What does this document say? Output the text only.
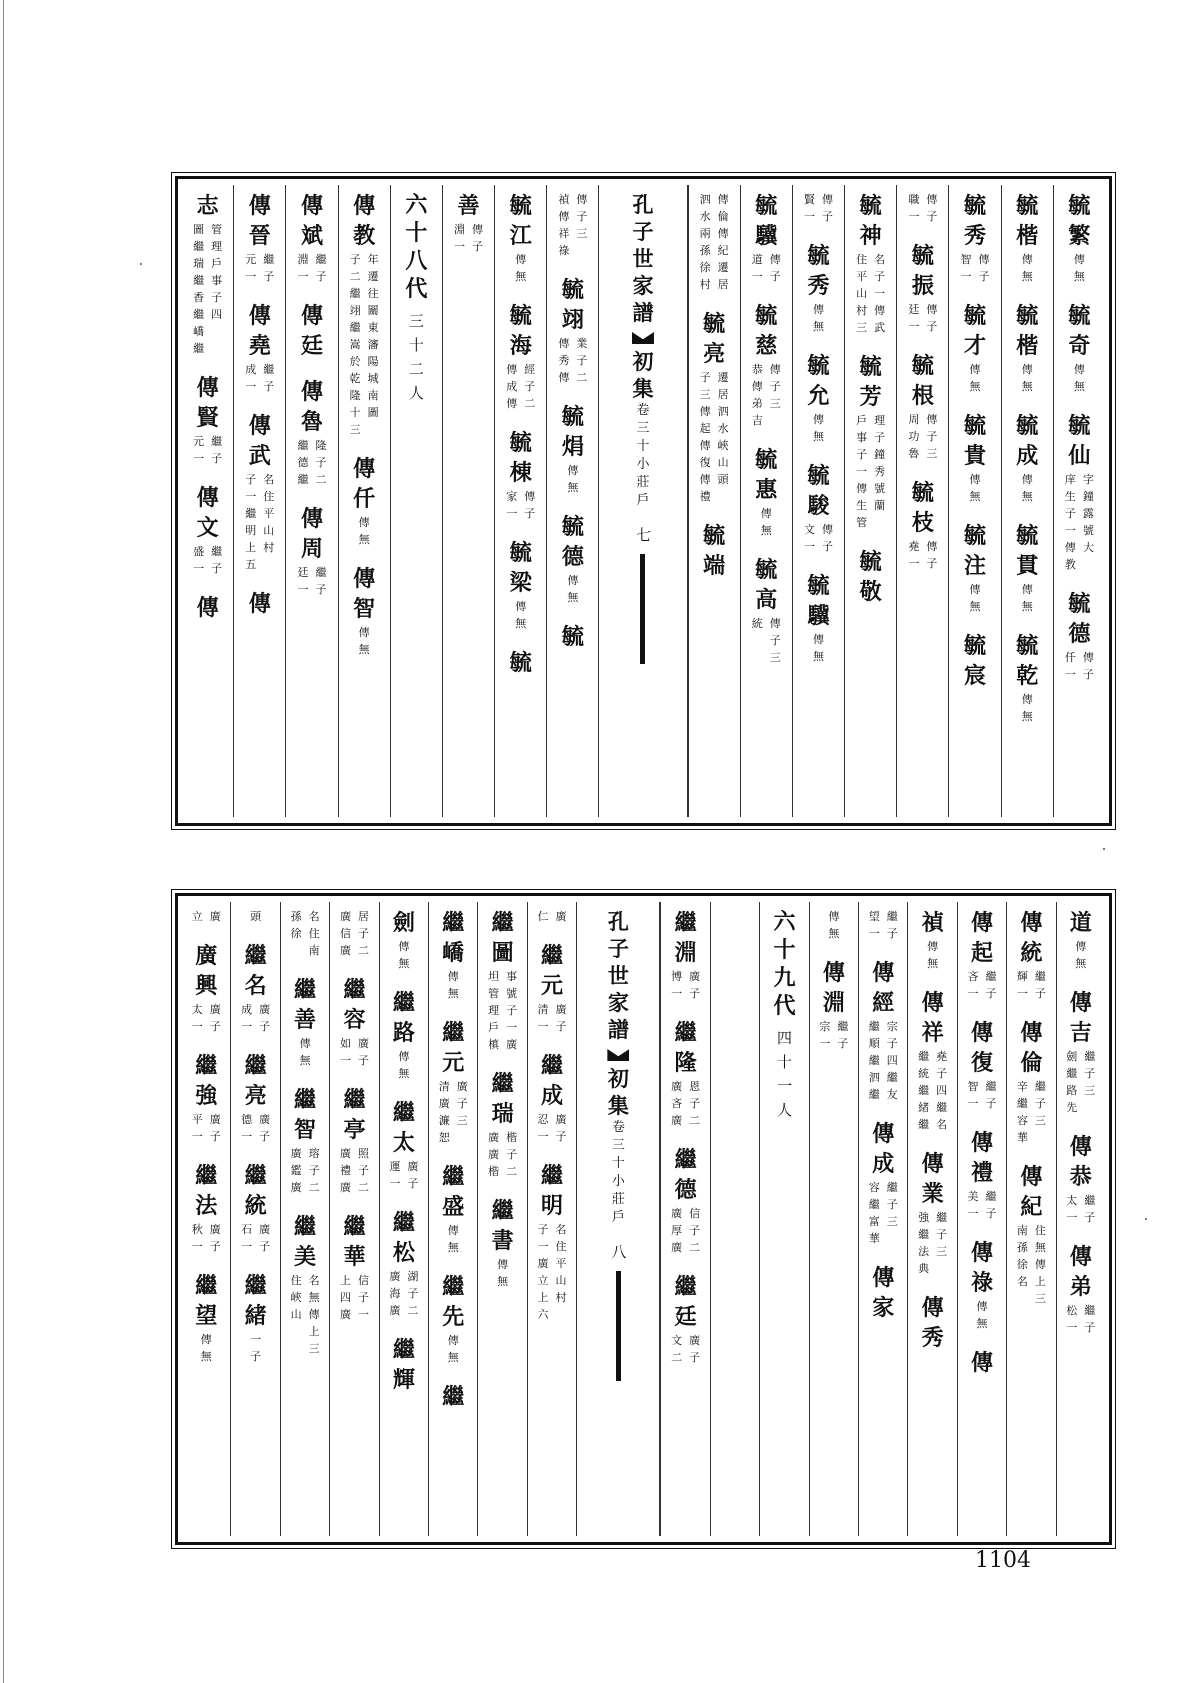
毓繁
傳無
毓奇
傳無
毓仙
字鐘露號大
庠生子一傳教
毓德
傳子
仟一
毓楷
傳無
毓楷
傳無
毓成
傳無
毓貫
傳無
毓乾
傳無
毓秀
傳子
智一
毓才
傳無
毓貴
傳無
毓注
傳無
毓宸
傳子
職一
毓振
傳子
廷一
毓根
傳子三
周功魯
毓枝
傳子
堯一
毓神
名子一傳武
住平山村三
毓芳
理子鐘秀號蘭
戶事子一傳生管
毓敬
傳子
賢一
毓秀
傳無
毓允
傳無
毓駿
傳子
文一
毓驥
傳無
毓驥
傳子
道一
毓慈
傳子三
恭傳弟吉
毓惠
傳無
毓高
傳子三
統
傳倫傳紀遷居
泗水兩孫徐村
毓亮
遷居泗水峽山頭
子三傳起傳復傳禮
毓端
孔子世家譜
初集
卷三十
小莊戶
七
傳子三
禎傳祥祿
毓翊
業子二
傳秀傳
毓焆
傳無
毓德
傳無
毓
毓江
傳無
毓海
經子二
傳成傳
毓棟
傳子
家一
毓梁
傳無
毓
善
傳子
淵一
六十八代
三十二人
傳教
年遷往關東瀋陽城南圖
子二繼翊繼嵩於乾隆十三
傳仟
傳無
傳智
傳無
傳斌
繼子
淵一
傳廷
傳魯
隆子二
繼德繼
傳周
繼子
廷一
傳晉
繼子
元一
傳堯
繼子
成一
傳武
名住平山村
子一繼明上五
傳
志
管理戶事子四
圖繼瑞繼香繼嶠繼
傳賢
繼子
元一
傳文
繼子
盛一
傳
道
傳無
傳吉
繼子三
劍繼路先
傳恭
繼子
太一
傳弟
繼子
松一
傳統
繼子
輝一
傳倫
繼子三
辛繼容華
傳紀
住無傳上三
南孫徐名
傳起
繼子
吝一
傳復
繼子
智一
傳禮
繼子
美一
傳祿
傳無
傳
禎
傳無
傳祥
堯子四繼名
繼統繼緒繼
傳業
繼子三
強繼法典
傳秀
繼子
望一
傳經
宗子四繼友
繼順繼泗繼
傳成
繼子三
容繼富華
傳家
傳無
傳淵
繼子
宗一
六十九代
四十一人
繼淵
廣子
博一
繼隆
恩子二
廣吝廣
繼德
信子二
廣厚廣
繼廷
廣子
文二
孔子世家譜
初集
卷三十
小莊戶
八
廣
仁
繼元
廣子
清一
繼成
廣子
忍一
繼明
名住平山村
子一廣立上六
繼圖
事號子一廣
坦管理戶槙
繼瑞
楷子二
廣廣楷
繼書
傳無
繼嶠
傳無
繼元
廣子三
清廣濂恕
繼盛
傳無
繼先
傳無
繼
劍
傳無
繼路
傳無
繼太
廣子
運一
繼松
湖子二
廣海廣
繼輝
居子二
廣信廣
繼容
廣子
如一
繼亭
照子二
廣禮廣
繼華
信子一
上四廣
名住南
孫徐
繼善
傳無
繼智
瑢子二
廣鑑廣
繼美
名無傳上三
住峽山
頭
繼名
廣子
成一
繼亮
廣子
德一
繼統
廣子
石一
繼緒
一子
廣
立
廣興
廣子
太一
繼強
廣子
平一
繼法
廣子
秋一
繼望
傳無
1104
